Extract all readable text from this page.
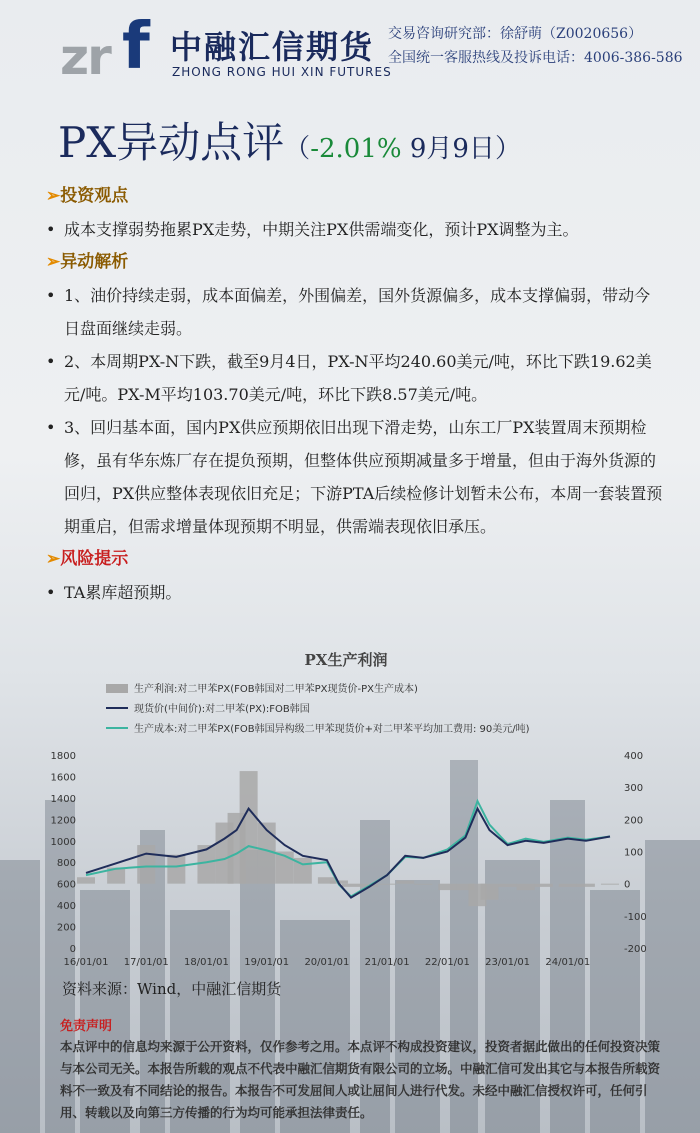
zr f 中融汇信期货
ZHONG RONG HUI XIN FUTURES
交易咨询研究部：徐舒萌（Z0020656）
全国统一客服热线及投诉电话：4006-386-586
PX异动点评（-2.01% 9月9日）
➢投资观点
• 成本支撑弱势拖累PX走势，中期关注PX供需端变化，预计PX调整为主。
➢异动解析
• 1、油价持续走弱，成本面偏差，外围偏差，国外货源偏多，成本支撑偏弱，带动今日盘面继续走弱。
• 2、本周期PX-N下跌，截至9月4日，PX-N平均240.60美元/吨，环比下跌19.62美元/吨。PX-M平均103.70美元/吨，环比下跌8.57美元/吨。
• 3、回归基本面，国内PX供应预期依旧出现下滑走势，山东工厂PX装置周末预期检修，虽有华东炼厂存在提负预期，但整体供应预期减量多于增量，但由于海外货源的回归，PX供应整体表现依旧充足；下游PTA后续检修计划暂未公布，本周一套装置预期重启，但需求增量体现预期不明显，供需端表现依旧承压。
➢风险提示
• TA累库超预期。
PX生产利润
生产利润:对二甲苯PX(FOB韩国对二甲苯PX现货价-PX生产成本)
现货价(中间价):对二甲苯(PX):FOB韩国
生产成本:对二甲苯PX(FOB韩国异构级二甲苯现货价+对二甲苯平均加工费用: 90美元/吨)
1800
1600
1400
1200
1000
800
600
400
200
0
400
300
200
100
0
-100
-200
16/01/01 17/01/01 18/01/01 19/01/01 20/01/01 21/01/01 22/01/01 23/01/01 24/01/01
资料来源：Wind，中融汇信期货
免责声明
本点评中的信息均来源于公开资料，仅作参考之用。本点评不构成投资建议，投资者据此做出的任何投资决策与本公司无关。本报告所载的观点不代表中融汇信期货有限公司的立场。中融汇信可发出其它与本报告所载资料不一致及有不同结论的报告。本报告不可发屈间人或让屈间人进行代发。未经中融汇信授权许可，任何引用、转载以及向第三方传播的行为均可能承担法律责任。
